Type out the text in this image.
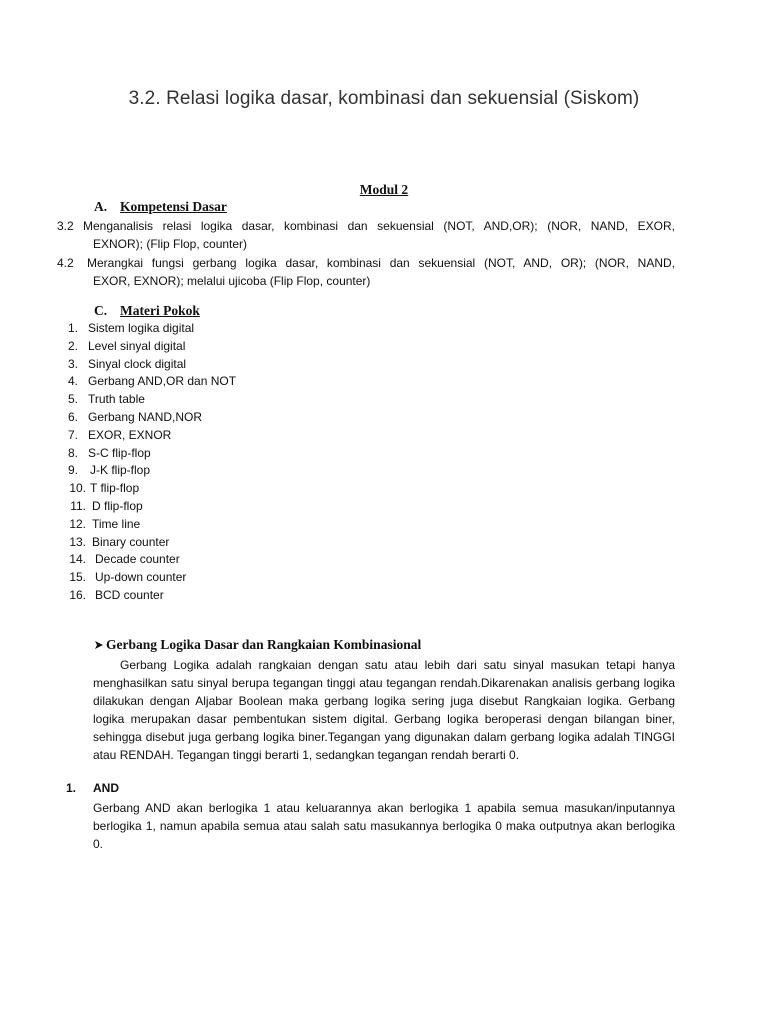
3.2. Relasi logika dasar, kombinasi dan sekuensial (Siskom)
Modul 2
A. Kompetensi Dasar
3.2 Menganalisis relasi logika dasar, kombinasi dan sekuensial (NOT, AND,OR); (NOR, NAND, EXOR,
EXNOR); (Flip Flop, counter)
4.2 Merangkai fungsi gerbang logika dasar, kombinasi dan sekuensial (NOT, AND, OR); (NOR, NAND,
EXOR, EXNOR); melalui ujicoba (Flip Flop, counter)
C. Materi Pokok
1. Sistem logika digital
2. Level sinyal digital
3. Sinyal clock digital
4. Gerbang AND,OR dan NOT
5. Truth table
6. Gerbang NAND,NOR
7. EXOR, EXNOR
8. S-C flip-flop
9. J-K flip-flop
10. T flip-flop
11. D flip-flop
12. Time line
13. Binary counter
14. Decade counter
15. Up-down counter
16. BCD counter
Gerbang Logika Dasar dan Rangkaian Kombinasional

Gerbang Logika adalah rangkaian dengan satu atau lebih dari satu sinyal masukan tetapi hanya menghasilkan satu sinyal berupa tegangan tinggi atau tegangan rendah.Dikarenakan analisis gerbang logika dilakukan dengan Aljabar Boolean maka gerbang logika sering juga disebut Rangkaian logika. Gerbang logika merupakan dasar pembentukan sistem digital. Gerbang logika beroperasi dengan bilangan biner, sehingga disebut juga gerbang logika biner.Tegangan yang digunakan dalam gerbang logika adalah TINGGI atau RENDAH. Tegangan tinggi berarti 1, sedangkan tegangan rendah berarti 0.

1. AND

Gerbang AND akan berlogika 1 atau keluarannya akan berlogika 1 apabila semua masukan/inputannya berlogika 1, namun apabila semua atau salah satu masukannya berlogika 0 maka outputnya akan berlogika 0.
